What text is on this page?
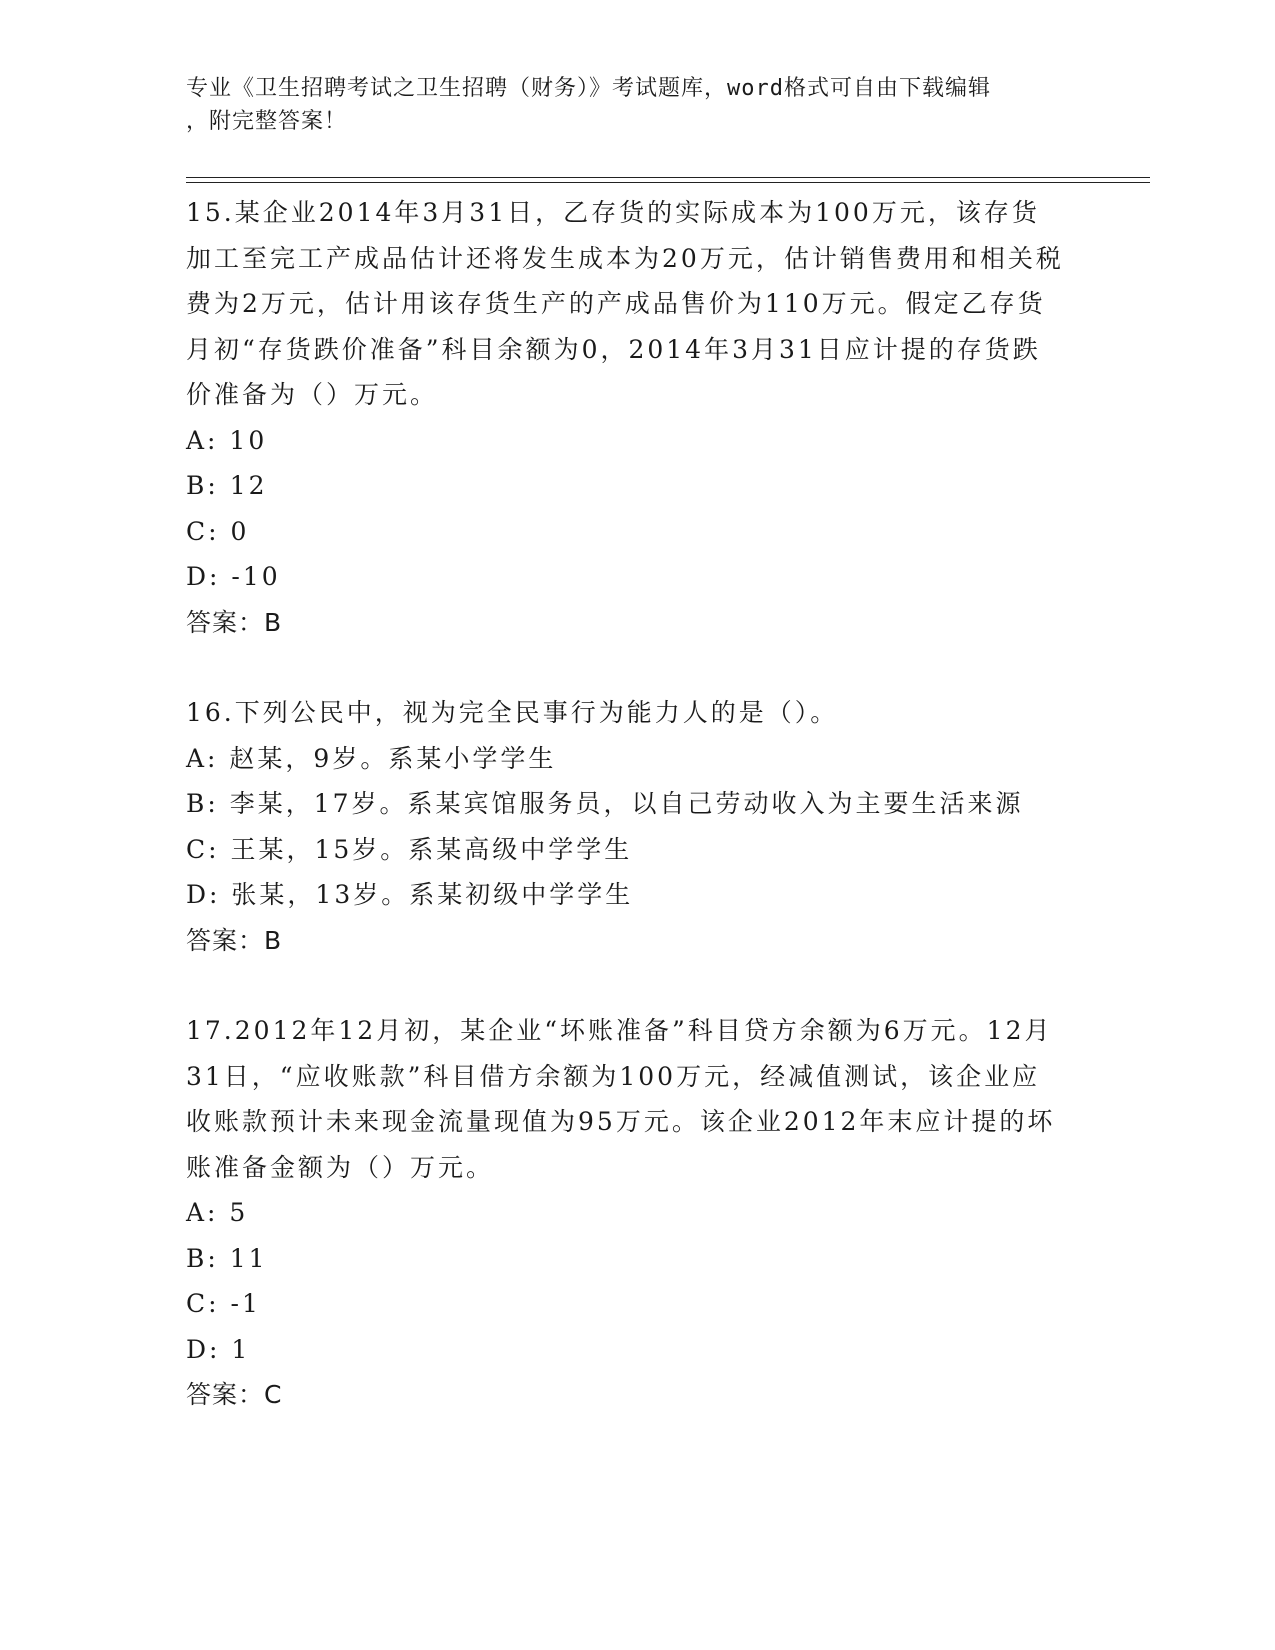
专业《卫生招聘考试之卫生招聘（财务）》考试题库，word格式可自由下载编辑
，附完整答案！

15.某企业2014年3月31日，乙存货的实际成本为100万元，该存货加工至完工产成品估计还将发生成本为20万元，估计销售费用和相关税费为2万元，估计用该存货生产的产成品售价为110万元。假定乙存货月初“存货跌价准备”科目余额为0，2014年3月31日应计提的存货跌价准备为（）万元。

A: 10

B: 12

C: 0

D: -10

答案：B

16.下列公民中，视为完全民事行为能力人的是（）。

A: 赵某，9岁。系某小学学生

B: 李某，17岁。系某宾馆服务员，以自己劳动收入为主要生活来源

C: 王某，15岁。系某高级中学学生

D: 张某，13岁。系某初级中学学生

答案：B

17.2012年12月初，某企业“坏账准备”科目贷方余额为6万元。12月31日，“应收账款”科目借方余额为100万元，经减值测试，该企业应收账款预计未来现金流量现值为95万元。该企业2012年末应计提的坏账准备金额为（）万元。

A: 5

B: 11

C: -1

D: 1

答案：C
